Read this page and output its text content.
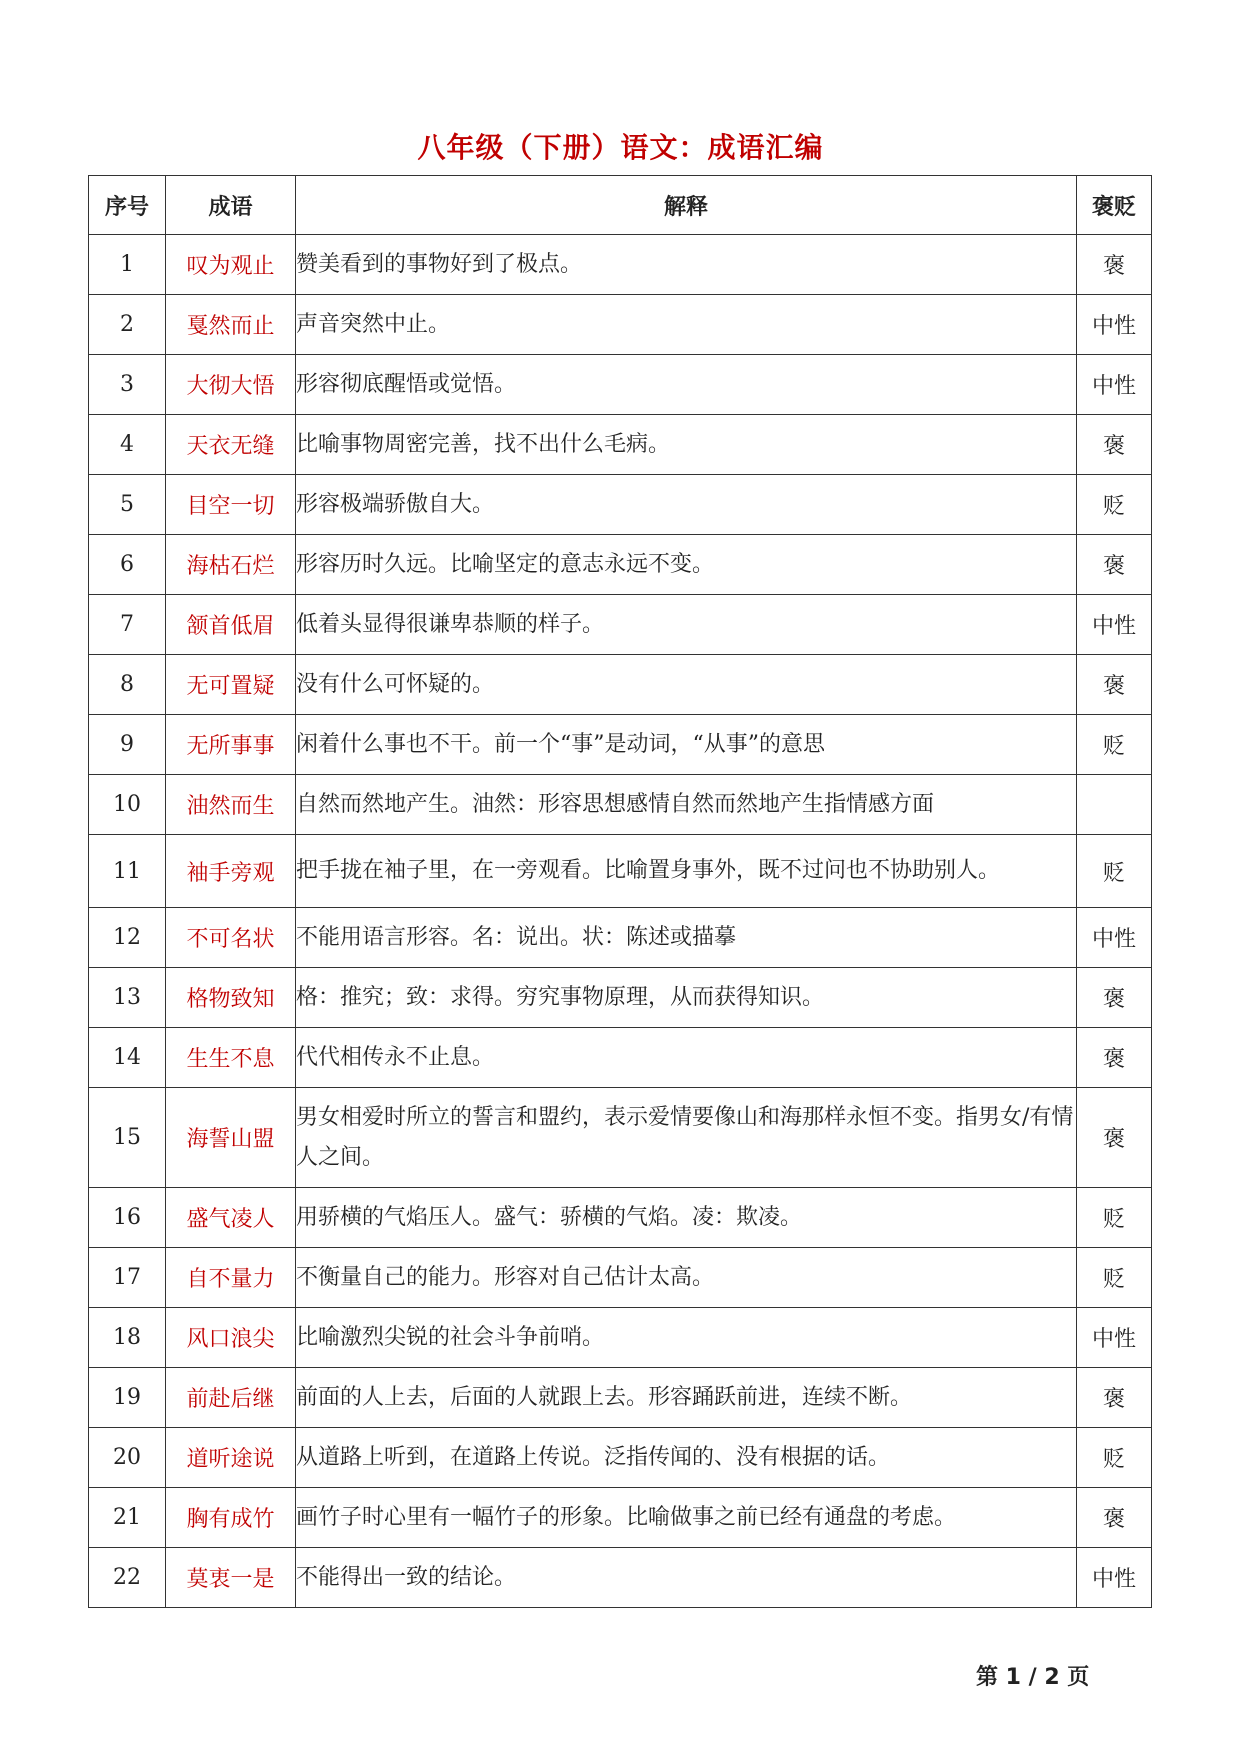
八年级（下册）语文：成语汇编
序号	成语	解释	褒贬
1	叹为观止	赞美看到的事物好到了极点。	褒
2	戛然而止	声音突然中止。	中性
3	大彻大悟	形容彻底醒悟或觉悟。	中性
4	天衣无缝	比喻事物周密完善，找不出什么毛病。	褒
5	目空一切	形容极端骄傲自大。	贬
6	海枯石烂	形容历时久远。比喻坚定的意志永远不变。	褒
7	颔首低眉	低着头显得很谦卑恭顺的样子。	中性
8	无可置疑	没有什么可怀疑的。	褒
9	无所事事	闲着什么事也不干。前一个“事”是动词，“从事”的意思	贬
10	油然而生	自然而然地产生。油然：形容思想感情自然而然地产生指情感方面	
11	袖手旁观	把手拢在袖子里，在一旁观看。比喻置身事外，既不过问也不协助别人。	贬
12	不可名状	不能用语言形容。名：说出。状：陈述或描摹	中性
13	格物致知	格：推究；致：求得。穷究事物原理，从而获得知识。	褒
14	生生不息	代代相传永不止息。	褒
15	海誓山盟	男女相爱时所立的誓言和盟约，表示爱情要像山和海那样永恒不变。指男女/有情人之间。	褒
16	盛气凌人	用骄横的气焰压人。盛气：骄横的气焰。凌：欺凌。	贬
17	自不量力	不衡量自己的能力。形容对自己估计太高。	贬
18	风口浪尖	比喻激烈尖锐的社会斗争前哨。	中性
19	前赴后继	前面的人上去，后面的人就跟上去。形容踊跃前进，连续不断。	褒
20	道听途说	从道路上听到，在道路上传说。泛指传闻的、没有根据的话。	贬
21	胸有成竹	画竹子时心里有一幅竹子的形象。比喻做事之前已经有通盘的考虑。	褒
22	莫衷一是	不能得出一致的结论。	中性
第 1 / 2 页
